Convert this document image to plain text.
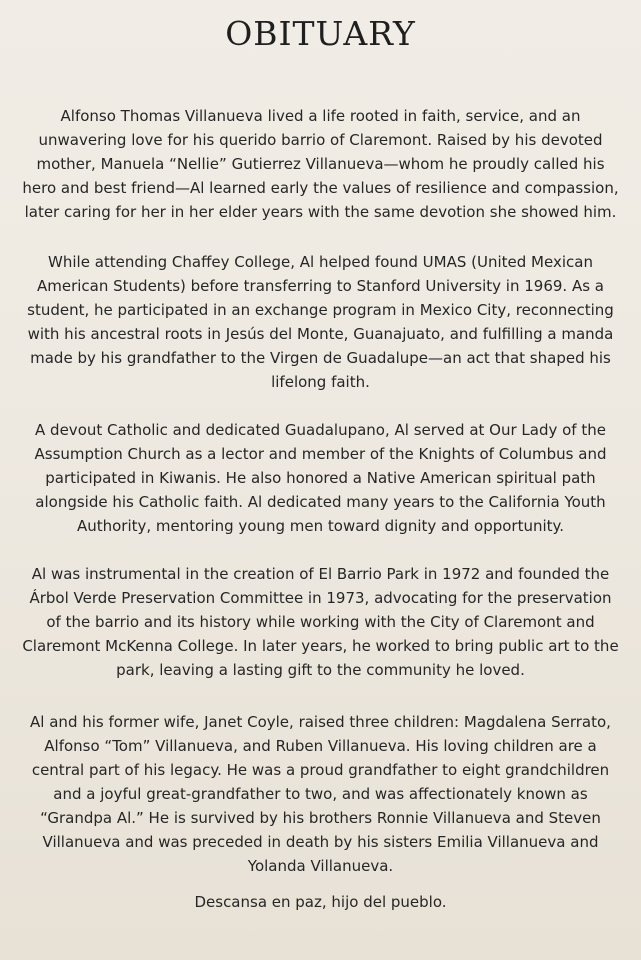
OBITUARY

Alfonso Thomas Villanueva lived a life rooted in faith, service, and an unwavering love for his querido barrio of Claremont. Raised by his devoted mother, Manuela “Nellie” Gutierrez Villanueva—whom he proudly called his hero and best friend—Al learned early the values of resilience and compassion, later caring for her in her elder years with the same devotion she showed him.

While attending Chaffey College, Al helped found UMAS (United Mexican American Students) before transferring to Stanford University in 1969. As a student, he participated in an exchange program in Mexico City, reconnecting with his ancestral roots in Jesús del Monte, Guanajuato, and fulfilling a manda made by his grandfather to the Virgen de Guadalupe—an act that shaped his lifelong faith.

A devout Catholic and dedicated Guadalupano, Al served at Our Lady of the Assumption Church as a lector and member of the Knights of Columbus and participated in Kiwanis. He also honored a Native American spiritual path alongside his Catholic faith. Al dedicated many years to the California Youth Authority, mentoring young men toward dignity and opportunity.

Al was instrumental in the creation of El Barrio Park in 1972 and founded the Árbol Verde Preservation Committee in 1973, advocating for the preservation of the barrio and its history while working with the City of Claremont and Claremont McKenna College. In later years, he worked to bring public art to the park, leaving a lasting gift to the community he loved.

Al and his former wife, Janet Coyle, raised three children: Magdalena Serrato, Alfonso “Tom” Villanueva, and Ruben Villanueva. His loving children are a central part of his legacy. He was a proud grandfather to eight grandchildren and a joyful great-grandfather to two, and was affectionately known as “Grandpa Al.” He is survived by his brothers Ronnie Villanueva and Steven Villanueva and was preceded in death by his sisters Emilia Villanueva and Yolanda Villanueva.

Descansa en paz, hijo del pueblo.
